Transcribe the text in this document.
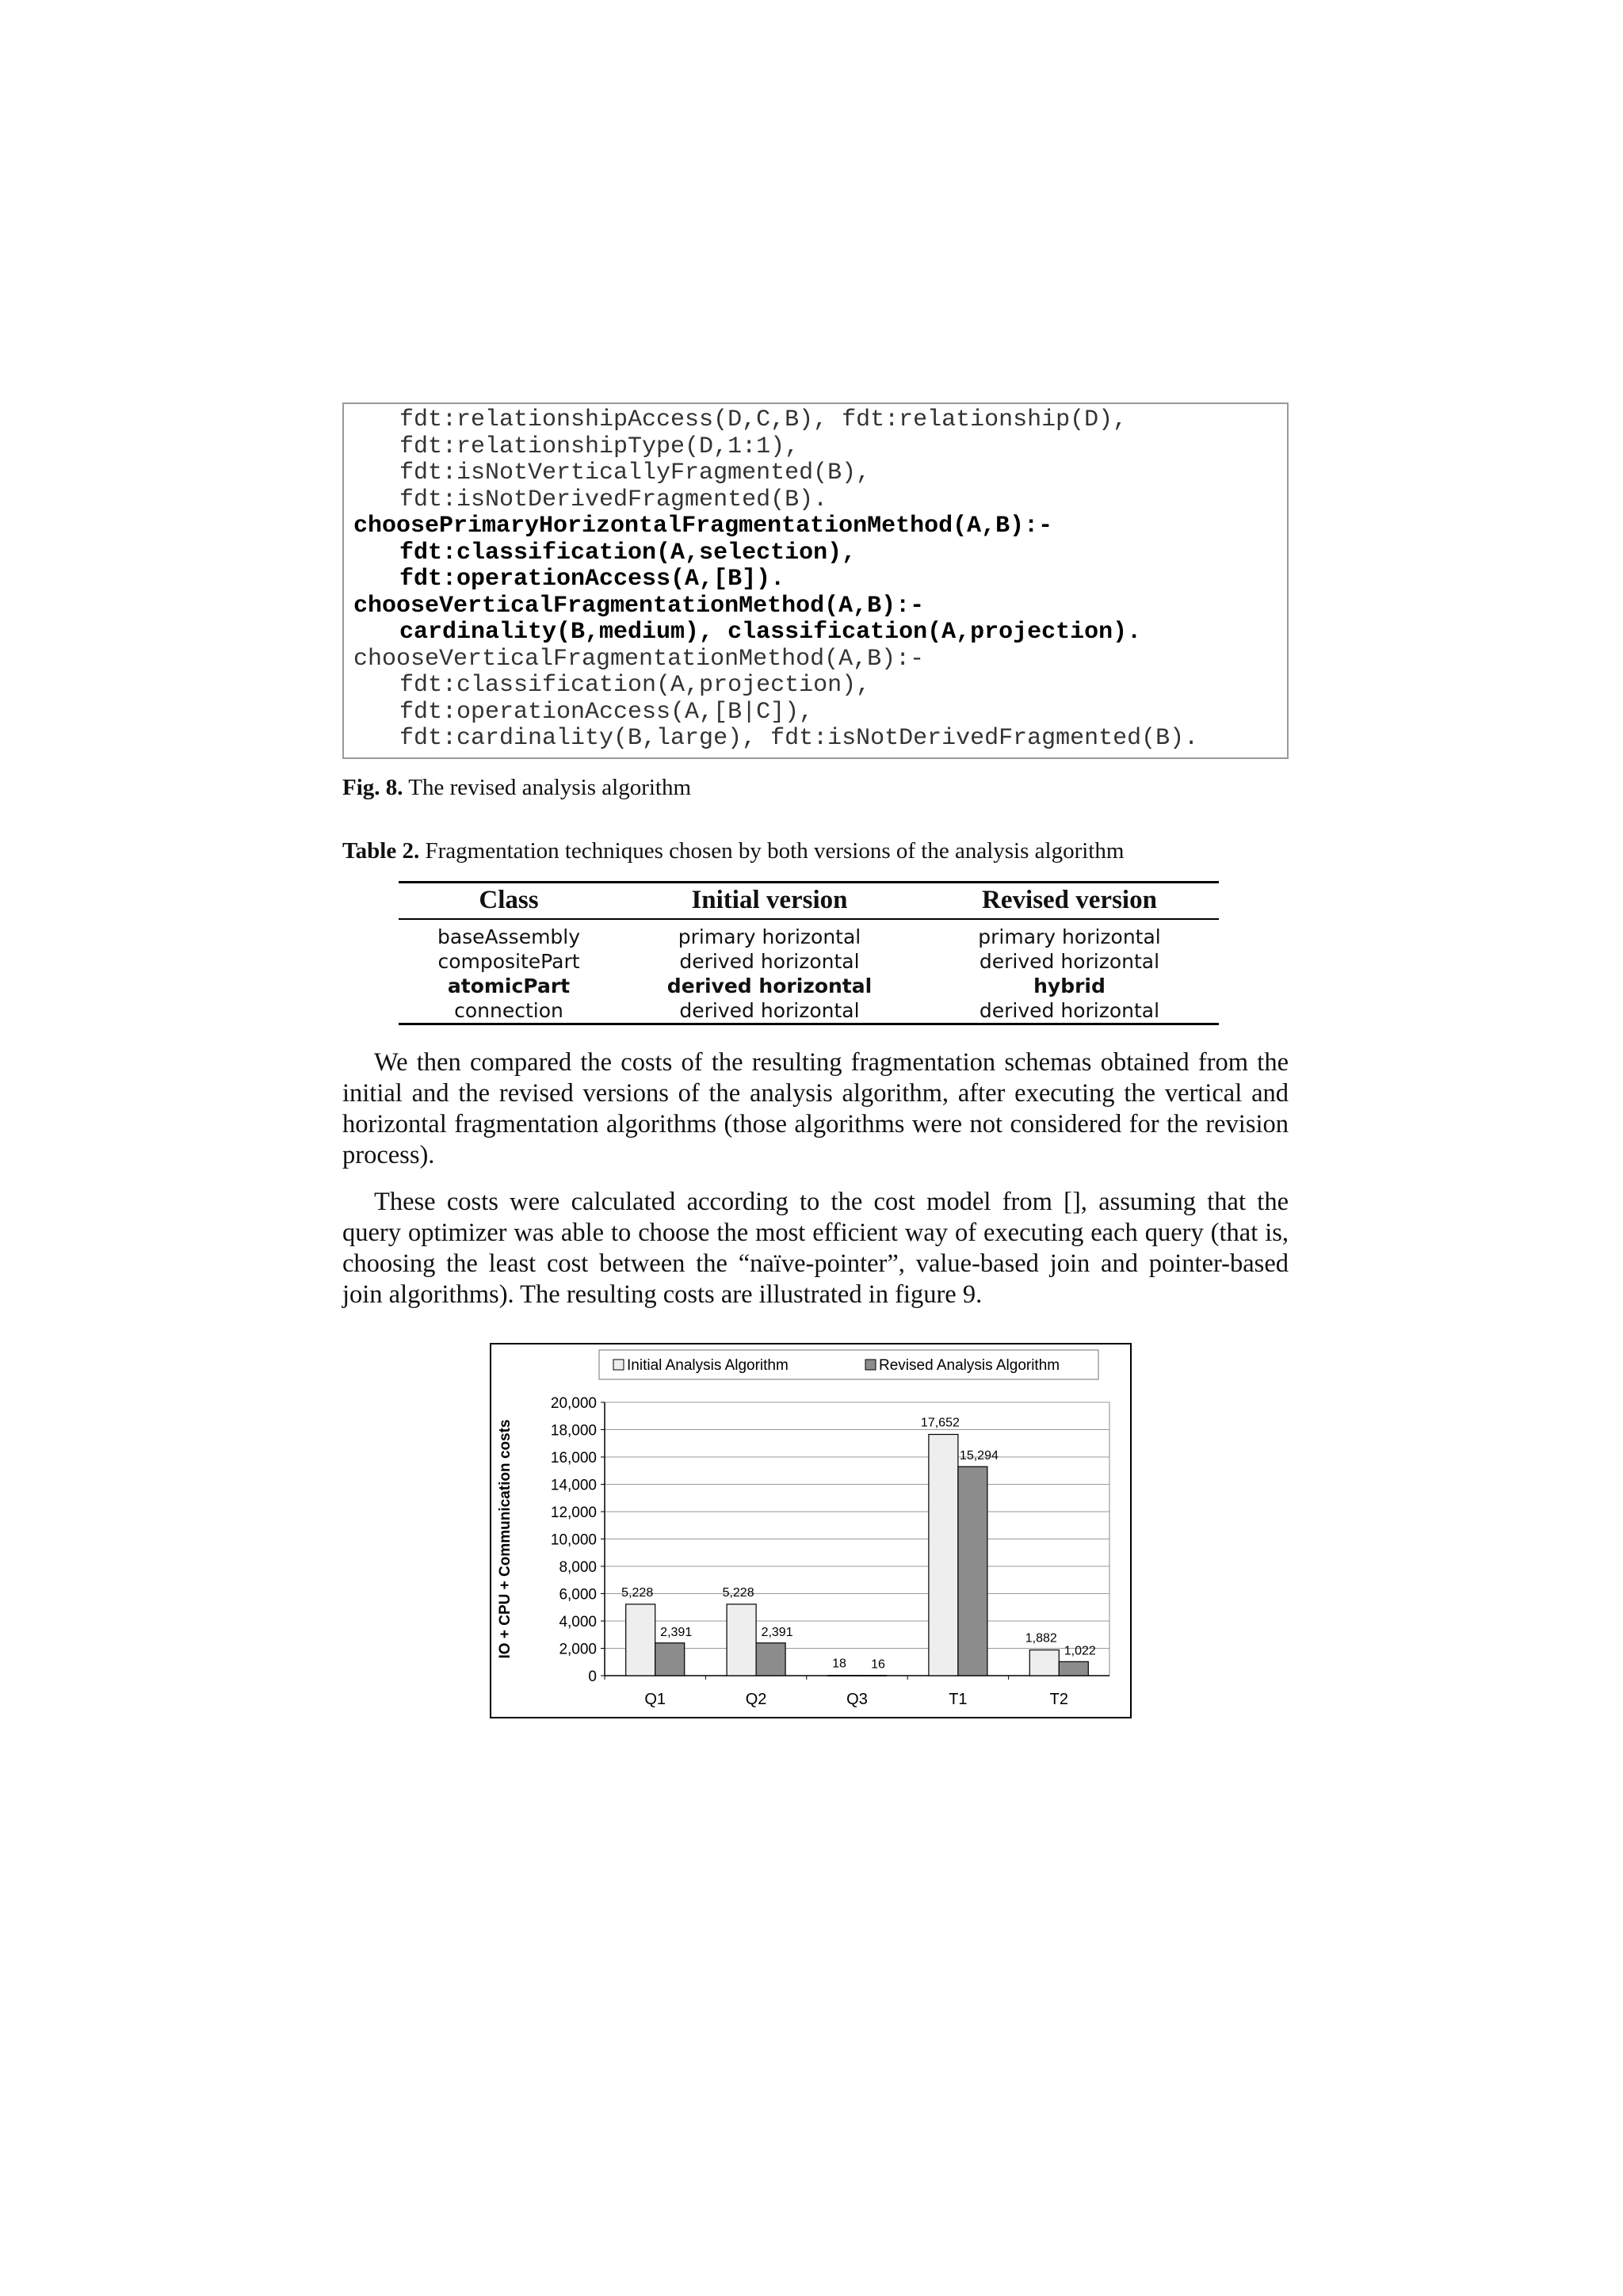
fdt:relationshipAccess(D,C,B), fdt:relationship(D),
fdt:relationshipType(D,1:1),
fdt:isNotVerticallyFragmented(B),
fdt:isNotDerivedFragmented(B).
choosePrimaryHorizontalFragmentationMethod(A,B):-
fdt:classification(A,selection),
fdt:operationAccess(A,[B]).
chooseVerticalFragmentationMethod(A,B):-
cardinality(B,medium), classification(A,projection).
chooseVerticalFragmentationMethod(A,B):-
fdt:classification(A,projection),
fdt:operationAccess(A,[B|C]),
fdt:cardinality(B,large), fdt:isNotDerivedFragmented(B).
Fig. 8. The revised analysis algorithm
Table 2. Fragmentation techniques chosen by both versions of the analysis algorithm
Class	Initial version	Revised version
baseAssembly	primary horizontal	primary horizontal
compositePart	derived horizontal	derived horizontal
atomicPart	derived horizontal	hybrid
connection	derived horizontal	derived horizontal

We then compared the costs of the resulting fragmentation schemas obtained from the initial and the revised versions of the analysis algorithm, after executing the vertical and horizontal fragmentation algorithms (those algorithms were not considered for the revision process).

These costs were calculated according to the cost model from [], assuming that the query optimizer was able to choose the most efficient way of executing each query (that is, choosing the least cost between the “naïve-pointer”, value-based join and pointer-based join algorithms). The resulting costs are illustrated in figure 9.

0
2,000
4,000
6,000
8,000
10,000
12,000
14,000
16,000
18,000
20,000
5,228
2,391
Q1
5,228
2,391
Q2
18 16
Q3
17,652
15,294
T1
1,882
1,022
T2
IO + CPU + Communication costs
Initial Analysis Algorithm	Revised Analysis Algorithm
